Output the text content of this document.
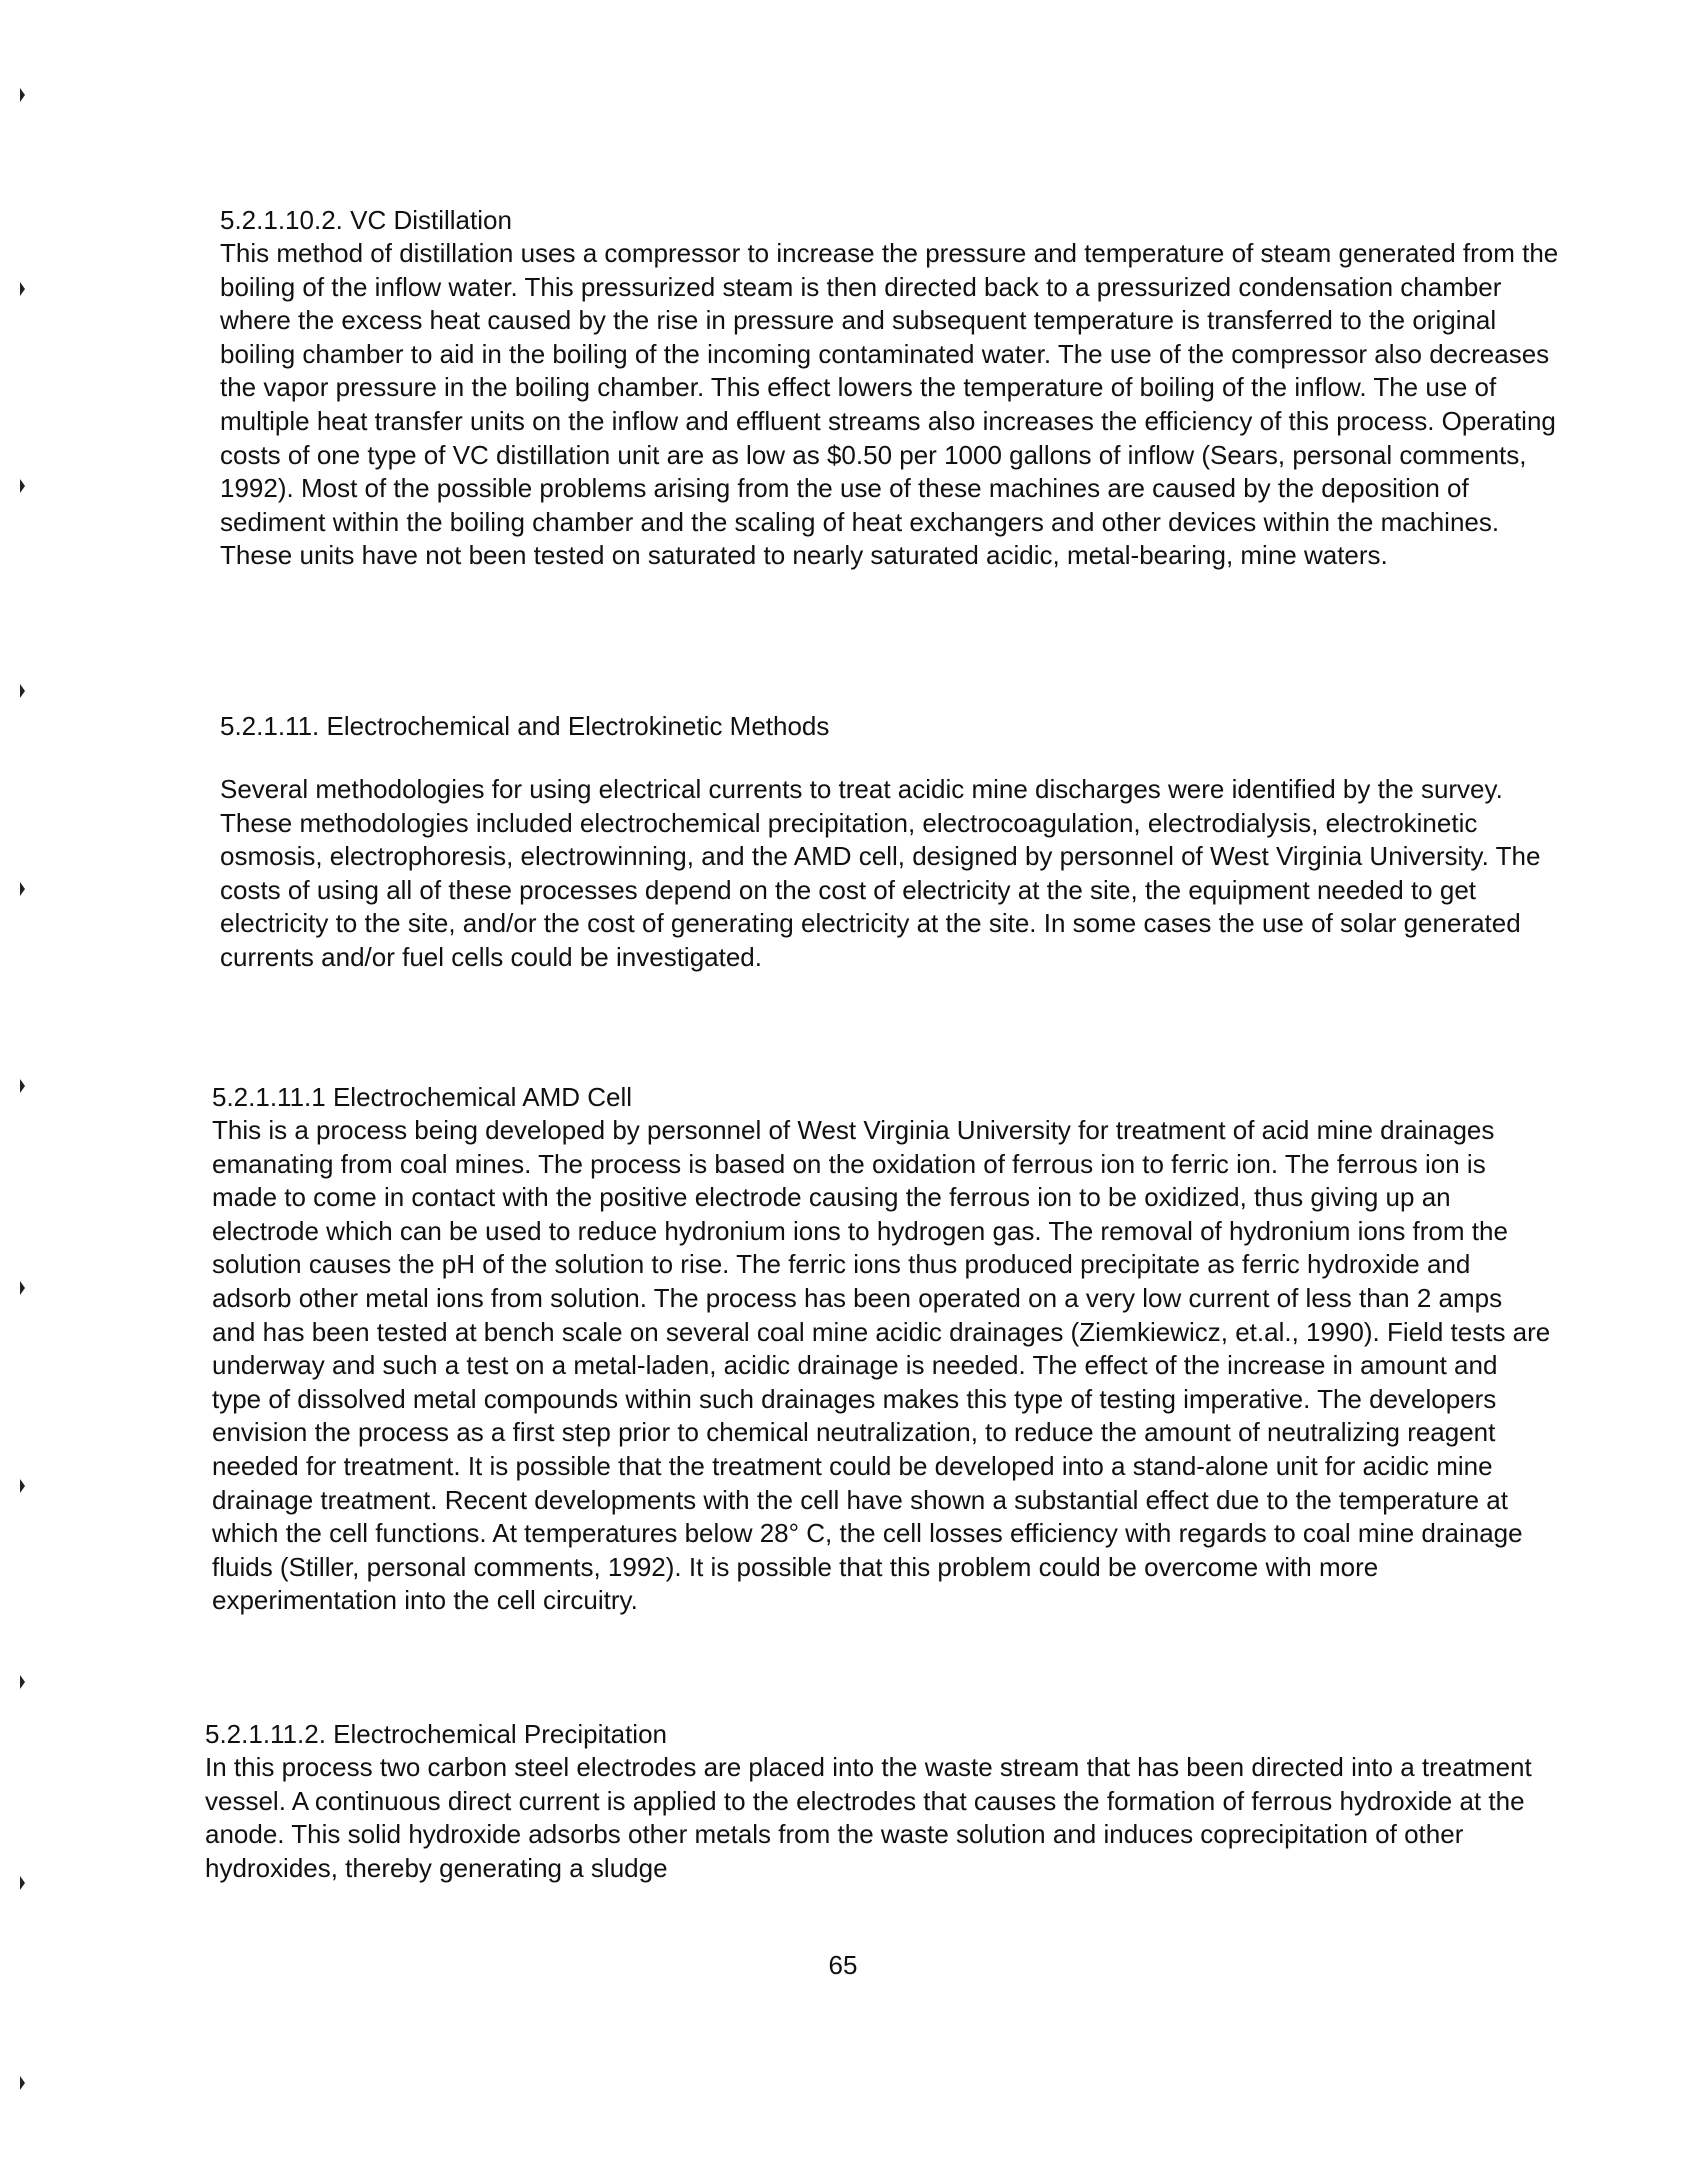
5.2.1.10.2. VC Distillation

This method of distillation uses a compressor to increase the pressure and temperature of steam generated from the boiling of the inflow water. This pressurized steam is then directed back to a pressurized condensation chamber where the excess heat caused by the rise in pressure and subsequent temperature is transferred to the original boiling chamber to aid in the boiling of the incoming contaminated water. The use of the compressor also decreases the vapor pressure in the boiling chamber. This effect lowers the temperature of boiling of the inflow. The use of multiple heat transfer units on the inflow and effluent streams also increases the efficiency of this process. Operating costs of one type of VC distillation unit are as low as $0.50 per 1000 gallons of inflow (Sears, personal comments, 1992). Most of the possible problems arising from the use of these machines are caused by the deposition of sediment within the boiling chamber and the scaling of heat exchangers and other devices within the machines. These units have not been tested on saturated to nearly saturated acidic, metal-bearing, mine waters.

5.2.1.11. Electrochemical and Electrokinetic Methods

Several methodologies for using electrical currents to treat acidic mine discharges were identified by the survey. These methodologies included electrochemical precipitation, electrocoagulation, electrodialysis, electrokinetic osmosis, electrophoresis, electrowinning, and the AMD cell, designed by personnel of West Virginia University. The costs of using all of these processes depend on the cost of electricity at the site, the equipment needed to get electricity to the site, and/or the cost of generating electricity at the site. In some cases the use of solar generated currents and/or fuel cells could be investigated.

5.2.1.11.1 Electrochemical AMD Cell

This is a process being developed by personnel of West Virginia University for treatment of acid mine drainages emanating from coal mines. The process is based on the oxidation of ferrous ion to ferric ion. The ferrous ion is made to come in contact with the positive electrode causing the ferrous ion to be oxidized, thus giving up an electrode which can be used to reduce hydronium ions to hydrogen gas. The removal of hydronium ions from the solution causes the pH of the solution to rise. The ferric ions thus produced precipitate as ferric hydroxide and adsorb other metal ions from solution. The process has been operated on a very low current of less than 2 amps and has been tested at bench scale on several coal mine acidic drainages (Ziemkiewicz, et.al., 1990). Field tests are underway and such a test on a metal-laden, acidic drainage is needed. The effect of the increase in amount and type of dissolved metal compounds within such drainages makes this type of testing imperative. The developers envision the process as a first step prior to chemical neutralization, to reduce the amount of neutralizing reagent needed for treatment. It is possible that the treatment could be developed into a stand-alone unit for acidic mine drainage treatment. Recent developments with the cell have shown a substantial effect due to the temperature at which the cell functions. At temperatures below 28° C, the cell losses efficiency with regards to coal mine drainage fluids (Stiller, personal comments, 1992). It is possible that this problem could be overcome with more experimentation into the cell circuitry.

5.2.1.11.2. Electrochemical Precipitation

In this process two carbon steel electrodes are placed into the waste stream that has been directed into a treatment vessel. A continuous direct current is applied to the electrodes that causes the formation of ferrous hydroxide at the anode. This solid hydroxide adsorbs other metals from the waste solution and induces coprecipitation of other hydroxides, thereby generating a sludge

65
